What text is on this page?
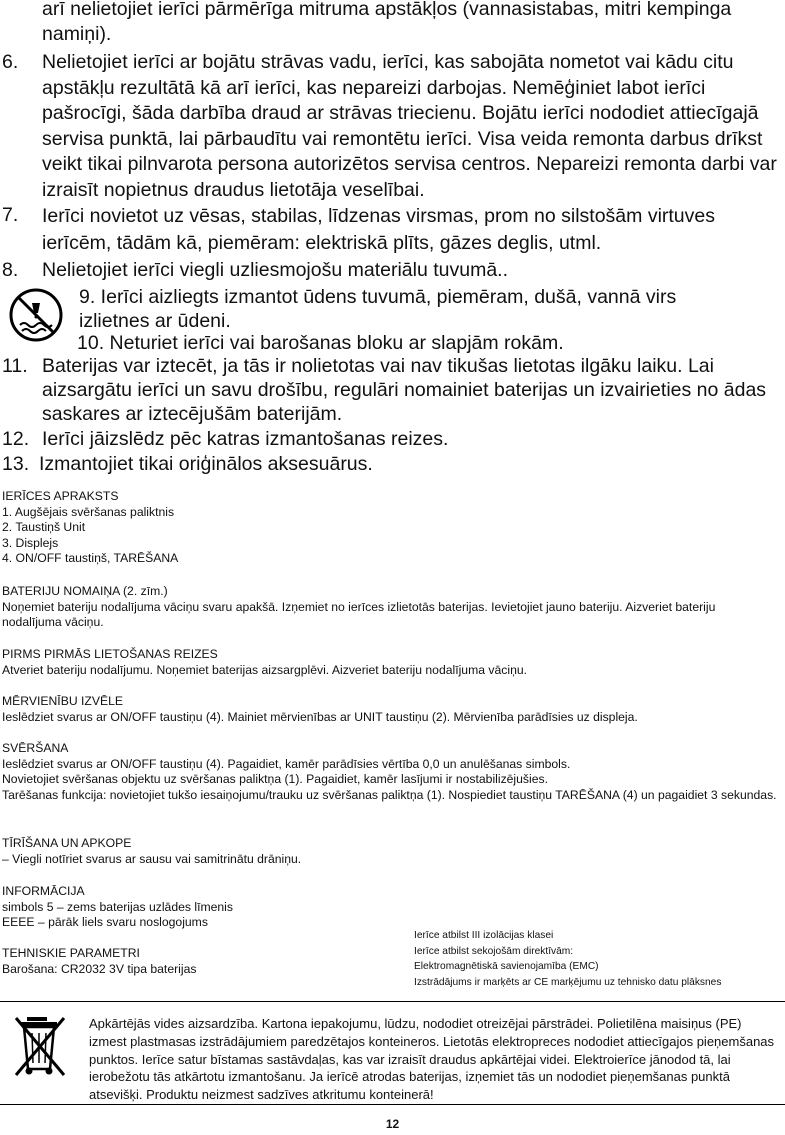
arī nelietojiet ierīci pārmērīga mitruma apstākļos (vannasistabas, mitri kempinga namiņi).
6. Nelietojiet ierīci ar bojātu strāvas vadu, ierīci, kas sabojāta nometot vai kādu citu apstākļu rezultātā kā arī ierīci, kas nepareizi darbojas. Nemēģiniet labot ierīci pašrocīgi, šāda darbība draud ar strāvas triecienu. Bojātu ierīci nododiet attiecīgajā servisa punktā, lai pārbaudītu vai remontētu ierīci. Visa veida remonta darbus drīkst veikt tikai pilnvarota persona autorizētos servisa centros. Nepareizi remonta darbi var izraisīt nopietnus draudus lietotāja veselībai.
7. Ierīci novietot uz vēsas, stabilas, līdzenas virsmas, prom no silstošām virtuves ierīcēm, tādām kā, piemēram: elektriskā plīts, gāzes deglis, utml.
8. Nelietojiet ierīci viegli uzliesmojošu materiālu tuvumā..
9. Ierīci aizliegts izmantot ūdens tuvumā, piemēram, dušā, vannā virs izlietnes ar ūdeni.
10. Neturiet ierīci vai barošanas bloku ar slapjām rokām.
11. Baterijas var iztecēt, ja tās ir nolietotas vai nav tikušas lietotas ilgāku laiku. Lai aizsargātu ierīci un savu drošību, regulāri nomainiet baterijas un izvairieties no ādas saskares ar iztecējušām baterijām.
12. Ierīci jāizslēdz pēc katras izmantošanas reizes.
13. Izmantojiet tikai oriģinālos aksesuārus.
IERĪCES APRAKSTS
1. Augšējais svēršanas paliktnis
2. Taustiņš Unit
3. Displejs
4. ON/OFF taustiņš, TARĒŠANA
BATERIJU NOMAIŅA (2. zīm.)
Noņemiet bateriju nodalījuma vāciņu svaru apakšā. Izņemiet no ierīces izlietotās baterijas. Ievietojiet jauno bateriju. Aizveriet bateriju nodalījuma vāciņu.
PIRMS PIRMĀS LIETOŠANAS REIZES
Atveriet bateriju nodalījumu. Noņemiet baterijas aizsargplēvi. Aizveriet bateriju nodalījuma vāciņu.
MĒRVIENĪBU IZVĒLE
Ieslēdziet svarus ar ON/OFF taustiņu (4). Mainiet mērvienības ar UNIT taustiņu (2). Mērvienība parādīsies uz displeja.
SVĒRŠANA
Ieslēdziet svarus ar ON/OFF taustiņu (4). Pagaidiet, kamēr parādīsies vērtība 0,0 un anulēšanas simbols.
Novietojiet svēršanas objektu uz svēršanas paliktņa (1). Pagaidiet, kamēr lasījumi ir nostabilizējušies.
Tarēšanas funkcija: novietojiet tukšo iesaiņojumu/trauku uz svēršanas paliktņa (1). Nospiediet taustiņu TARĒŠANA (4) un pagaidiet 3 sekundas.
TĪRĪŠANA UN APKOPE
– Viegli notīriet svarus ar sausu vai samitrinātu drāniņu.
INFORMĀCIJA
simbols 5 – zems baterijas uzlādes līmenis
EEEE – pārāk liels svaru noslogojums
TEHNISKIE PARAMETRI
Barošana: CR2032 3V tipa baterijas
Ierīce atbilst III izolācijas klasei
Ierīce atbilst sekojošām direktīvām:
Elektromagnētiskā savienojamība (EMC)
Izstrādājums ir marķēts ar CE marķējumu uz tehnisko datu plāksnes
Apkārtējās vides aizsardzība. Kartona iepakojumu, lūdzu, nododiet otreizējai pārstrādei. Polietilēna maisiņus (PE) izmest plastmasas izstrādājumiem paredzētajos konteineros. Lietotās elektropreces nododiet attiecīgajos pieņemšanas punktos. Ierīce satur bīstamas sastāvdaļas, kas var izraisīt draudus apkārtējai videi. Elektroierīce jānodod tā, lai ierobežotu tās atkārtotu izmantošanu. Ja ierīcē atrodas baterijas, izņemiet tās un nododiet pieņemšanas punktā atsevišķi. Produktu neizmest sadzīves atkritumu konteinerā!
12
